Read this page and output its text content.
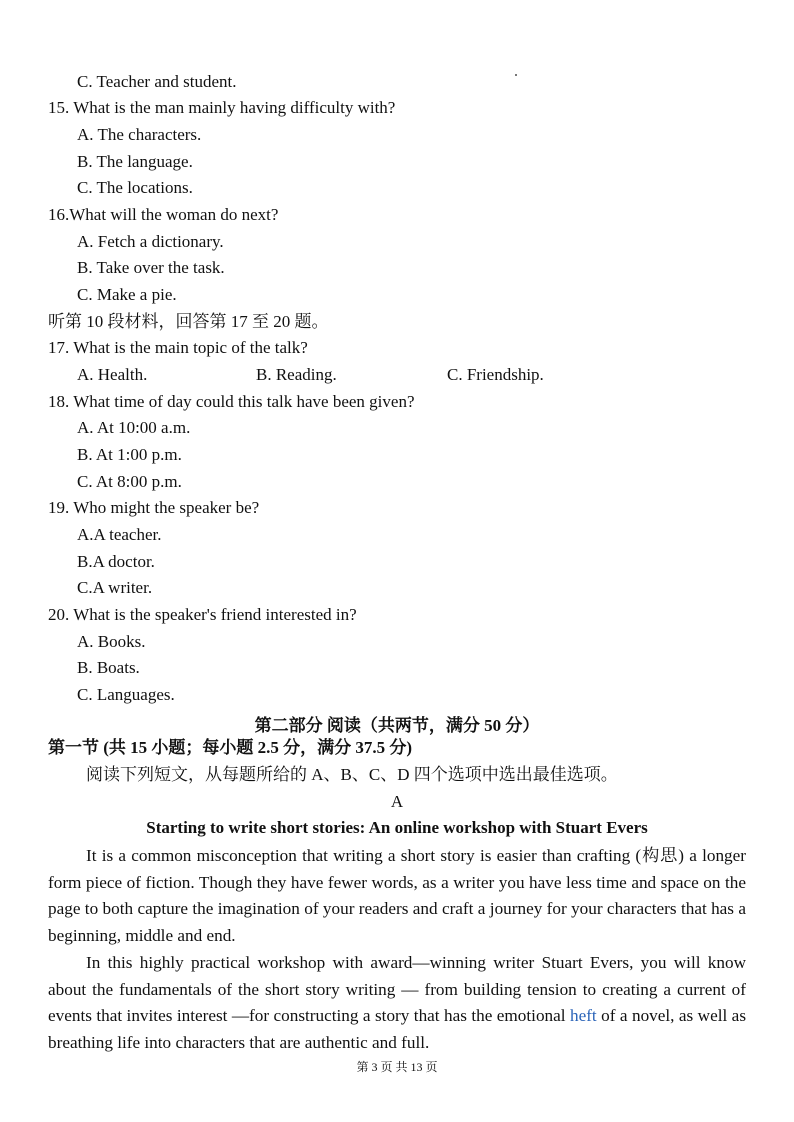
C. Teacher and student.
15. What is the man mainly having difficulty with?
A. The characters.
B. The language.
C. The locations.
16.What will the woman do next?
A. Fetch a dictionary.
B. Take over the task.
C. Make a pie.
听第 10 段材料，回答第 17 至 20 题。
17. What is the main topic of the talk?
A. Health.	B. Reading.	C. Friendship.
18. What time of day could this talk have been given?
A. At 10:00 a.m.
B. At 1:00 p.m.
C. At 8:00 p.m.
19. Who might the speaker be?
A.A teacher.
B.A doctor.
C.A writer.
20. What is the speaker's friend interested in?
A. Books.
B. Boats.
C. Languages.
第二部分 阅读（共两节，满分 50 分）
第一节 (共 15 小题；每小题 2.5 分，满分 37.5 分)
阅读下列短文，从每题所给的 A、B、C、D 四个选项中选出最佳选项。
A
Starting to write short stories: An online workshop with Stuart Evers
It is a common misconception that writing a short story is easier than crafting (构思) a longer form piece of fiction. Though they have fewer words, as a writer you have less time and space on the page to both capture the imagination of your readers and craft a journey for your characters that has a beginning, middle and end.
In this highly practical workshop with award—winning writer Stuart Evers, you will know about the fundamentals of the short story writing — from building tension to creating a current of events that invites interest —for constructing a story that has the emotional heft of a novel, as well as breathing life into characters that are authentic and full.
第 3 页 共 13 页
